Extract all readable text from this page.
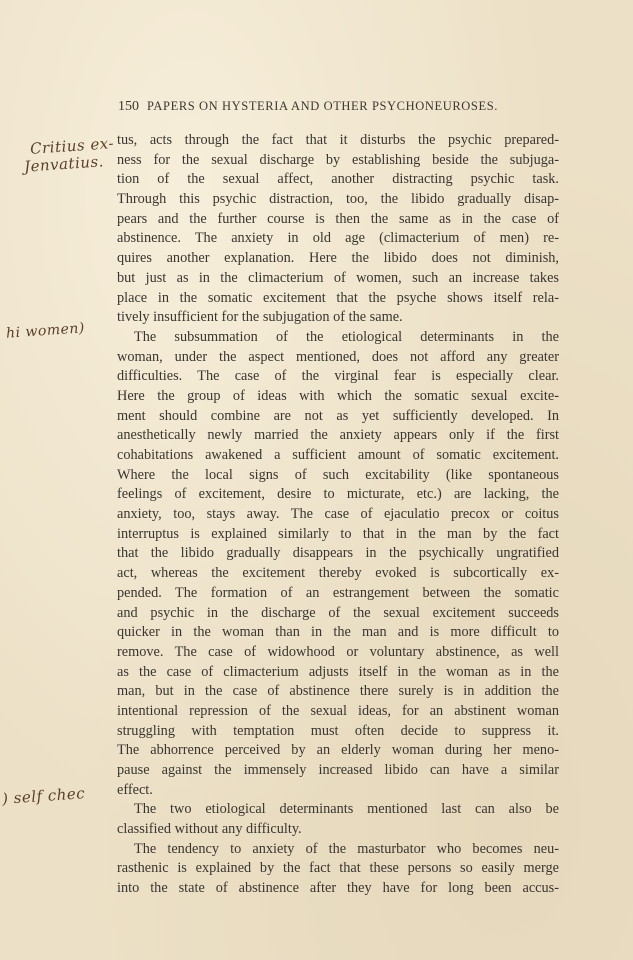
150 PAPERS ON HYSTERIA AND OTHER PSYCHONEUROSES.
Critius ex-
Jenvatius.
hi women)
) self chec
tus, acts through the fact that it disturbs the psychic prepared-
ness for the sexual discharge by establishing beside the subjuga-
tion of the sexual affect, another distracting psychic task.
Through this psychic distraction, too, the libido gradually disap-
pears and the further course is then the same as in the case of
abstinence. The anxiety in old age (climacterium of men) re-
quires another explanation. Here the libido does not diminish,
but just as in the climacterium of women, such an increase takes
place in the somatic excitement that the psyche shows itself rela-
tively insufficient for the subjugation of the same.
The subsummation of the etiological determinants in the
woman, under the aspect mentioned, does not afford any greater
difficulties. The case of the virginal fear is especially clear.
Here the group of ideas with which the somatic sexual excite-
ment should combine are not as yet sufficiently developed. In
anesthetically newly married the anxiety appears only if the first
cohabitations awakened a sufficient amount of somatic excitement.
Where the local signs of such excitability (like spontaneous
feelings of excitement, desire to micturate, etc.) are lacking, the
anxiety, too, stays away. The case of ejaculatio precox or coitus
interruptus is explained similarly to that in the man by the fact
that the libido gradually disappears in the psychically ungratified
act, whereas the excitement thereby evoked is subcortically ex-
pended. The formation of an estrangement between the somatic
and psychic in the discharge of the sexual excitement succeeds
quicker in the woman than in the man and is more difficult to
remove. The case of widowhood or voluntary abstinence, as well
as the case of climacterium adjusts itself in the woman as in the
man, but in the case of abstinence there surely is in addition the
intentional repression of the sexual ideas, for an abstinent woman
struggling with temptation must often decide to suppress it.
The abhorrence perceived by an elderly woman during her meno-
pause against the immensely increased libido can have a similar
effect.
The two etiological determinants mentioned last can also be
classified without any difficulty.
The tendency to anxiety of the masturbator who becomes neu-
rasthenic is explained by the fact that these persons so easily merge
into the state of abstinence after they have for long been accus-
